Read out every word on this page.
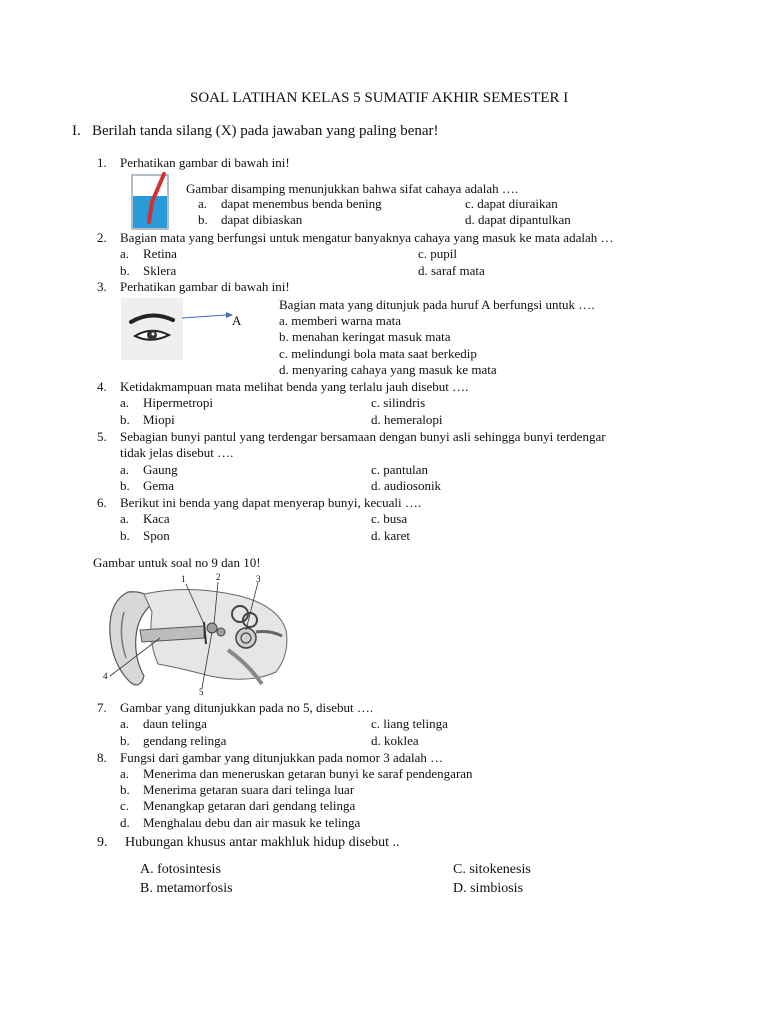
SOAL LATIHAN KELAS 5 SUMATIF AKHIR SEMESTER I
I. Berilah tanda silang (X) pada jawaban yang paling benar!
1. Perhatikan gambar di bawah ini!
Gambar disamping menunjukkan bahwa sifat cahaya adalah ….
a. dapat menembus benda bening
b. dapat dibiaskan
c. dapat diuraikan
d. dapat dipantulkan
2. Bagian mata yang berfungsi untuk mengatur banyaknya cahaya yang masuk ke mata adalah …
a. Retina
b. Sklera
c. pupil
d. saraf mata
3. Perhatikan gambar di bawah ini!
A
Bagian mata yang ditunjuk pada huruf A berfungsi untuk ….
a. memberi warna mata
b. menahan keringat masuk mata
c. melindungi bola mata saat berkedip
d. menyaring cahaya yang masuk ke mata
4. Ketidakmampuan mata melihat benda yang terlalu jauh disebut ….
a. Hipermetropi
b. Miopi
c. silindris
d. hemeralopi
5. Sebagian bunyi pantul yang terdengar bersamaan dengan bunyi asli sehingga bunyi terdengar
tidak jelas disebut ….
a. Gaung
b. Gema
c. pantulan
d. audiosonik
6. Berikut ini benda yang dapat menyerap bunyi, kecuali ….
a. Kaca
b. Spon
c. busa
d. karet
Gambar untuk soal no 9 dan 10!
1	2	3
4
5
7. Gambar yang ditunjukkan pada no 5, disebut ….
a. daun telinga
b. gendang relinga
c. liang telinga
d. koklea
8. Fungsi dari gambar yang ditunjukkan pada nomor 3 adalah …
a. Menerima dan meneruskan getaran bunyi ke saraf pendengaran
b. Menerima getaran suara dari telinga luar
c. Menangkap getaran dari gendang telinga
d. Menghalau debu dan air masuk ke telinga
9. Hubungan khusus antar makhluk hidup disebut ..
A. fotosintesis
B. metamorfosis
C. sitokenesis
D. simbiosis
